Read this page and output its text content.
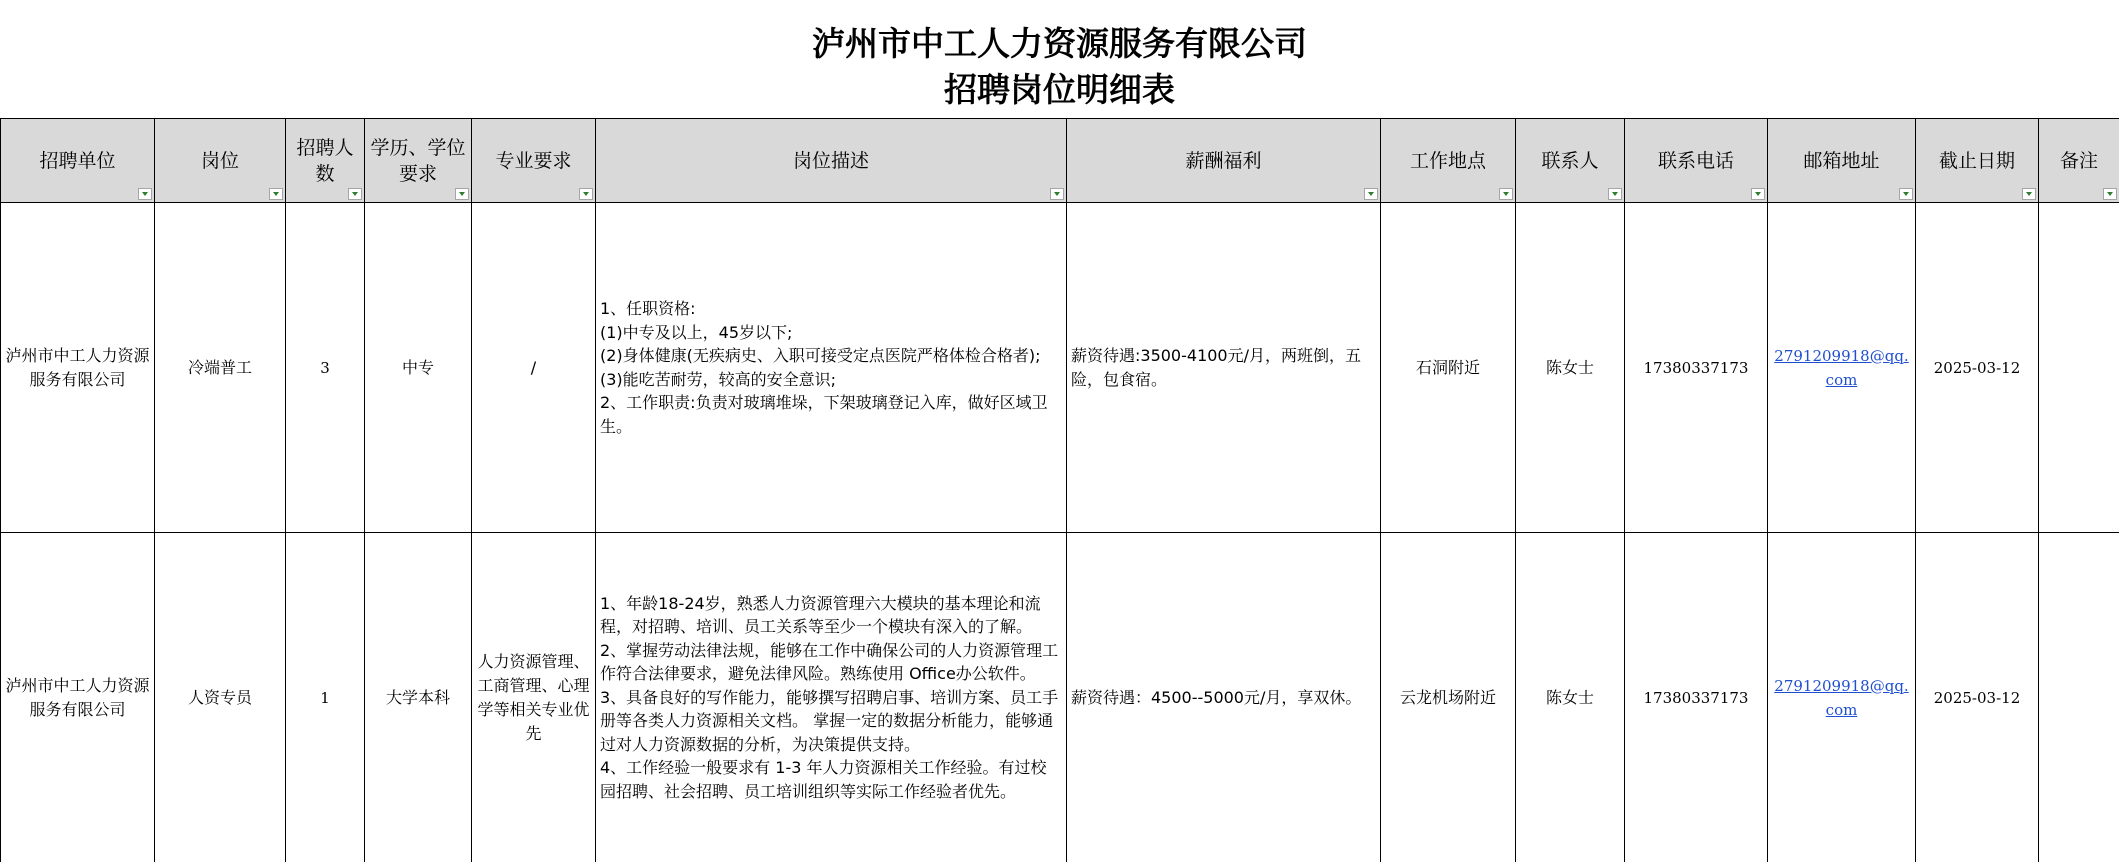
泸州市中工人力资源服务有限公司
招聘岗位明细表
招聘单位	岗位	招聘人数	学历、学位要求	专业要求	岗位描述	薪酬福利	工作地点	联系人	联系电话	邮箱地址	截止日期	备注

泸州市中工人力资源服务有限公司	冷端普工	3	中专	/	1、任职资格:
(1)中专及以上，45岁以下;
(2)身体健康(无疾病史、入职可接受定点医院严格体检合格者);
(3)能吃苦耐劳，较高的安全意识;
2、工作职责:负责对玻璃堆垛，下架玻璃登记入库，做好区域卫生。	薪资待遇:3500-4100元/月，两班倒，五险，包食宿。	石洞附近	陈女士	17380337173	2791209918@qq.com	2025-03-12	
泸州市中工人力资源服务有限公司	人资专员	1	大学本科	人力资源管理、工商管理、心理学等相关专业优先	1、年龄18-24岁，熟悉人力资源管理六大模块的基本理论和流程，对招聘、培训、员工关系等至少一个模块有深入的了解。
2、掌握劳动法律法规，能够在工作中确保公司的人力资源管理工作符合法律要求，避免法律风险。熟练使用 Office办公软件。
3、具备良好的写作能力，能够撰写招聘启事、培训方案、员工手册等各类人力资源相关文档。 掌握一定的数据分析能力，能够通过对人力资源数据的分析，为决策提供支持。
4、工作经验一般要求有 1-3 年人力资源相关工作经验。有过校园招聘、社会招聘、员工培训组织等实际工作经验者优先。	薪资待遇：4500--5000元/月，享双休。	云龙机场附近	陈女士	17380337173	2791209918@qq.com	2025-03-12	
